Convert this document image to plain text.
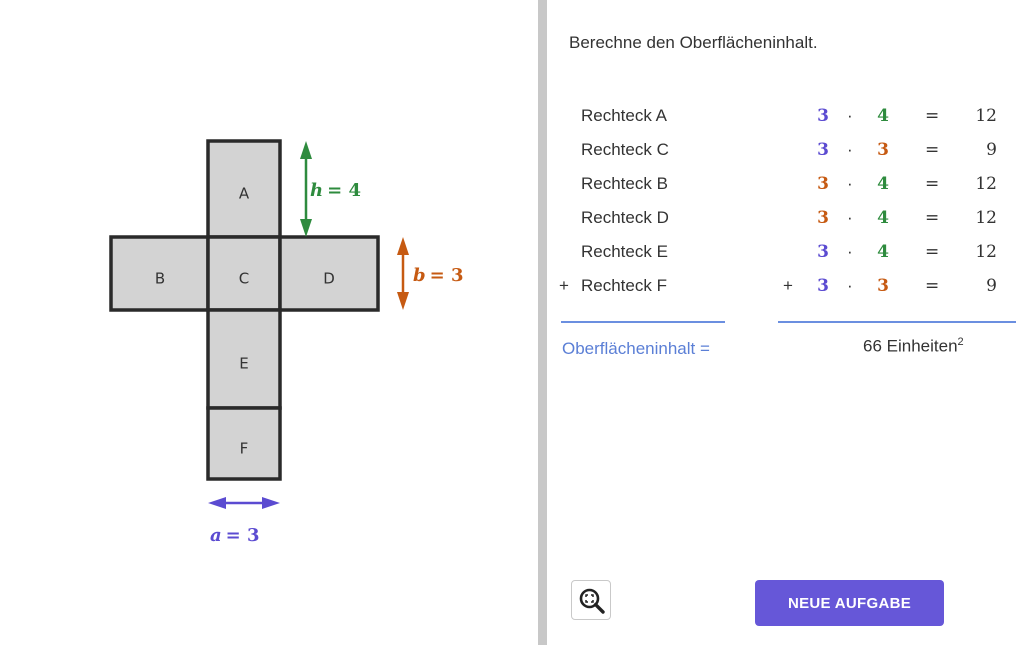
A
B	C	D
E
F
h = 4
b = 3
a = 3
Berechne den Oberflächeninhalt.
Rechteck A	3 · 4 =	12
Rechteck C	3 · 3 =	9
Rechteck B	3 · 4 =	12
Rechteck D	3 · 4 =	12
Rechteck E	3 · 4 =	12
+ Rechteck F	+ 3 · 3 =	9
Oberflächeninhalt =	66 Einheiten$^2$
NEUE AUFGABE
